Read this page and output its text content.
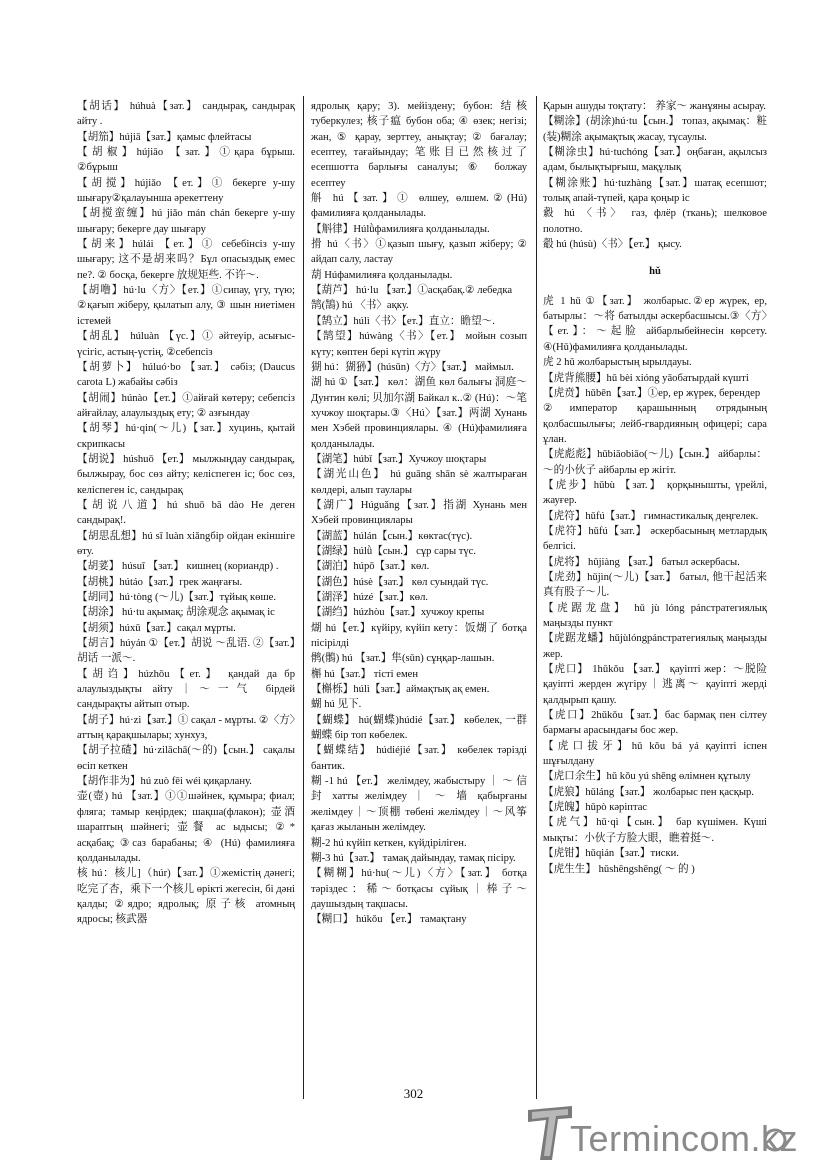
【胡话】 húhuà【зат.】 сандырақ, сандырақ айту .

【胡笳】hújiā【зат.】қамыс флейтасы

【胡椒】hújiāo 【зат.】①қара бұрыш. ②бұрыш

【胡搅】hújiǎo 【ет.】① бекерге у-шу шығару②қалауынша әрекеттену

【胡搅蛮缠】hú jiǎo mán chán бекерге у-шу шығару; бекерге дау шығару

【胡来】húlái 【ет.】① себебінсіз у-шу шығару; 这不是胡来吗？Бұл опасыздық емес пе?. ② босқа, бекерге 放规矩些. 不许～.

【胡噜】hú·lu〈方〉【ет.】①сипау, үгу, түю; ②қағып жіберу, қылатып алу, ③ шын ниетімен істемей

【胡乱】 húluàn 【үс.】① әйтеуір, асығыс-үсігіс, астың-үстің, ②себепсіз

【胡萝卜】 húluó·bo 【зат.】 сәбіз; (Daucus carota L) жабайы сәбіз

【胡闹】húnào【ет.】①айғай көтеру; себепсіз айғайлау, алаулыздық ету; ② азғындау

【胡琴】hú·qin(～儿)【зат.】хуцинь, қытай скрипкасы

【胡说】 húshuō 【ет.】 мылжыңдау сандырақ, былжырау, бос сөз айту; келіспеген іс; бос сөз, келіспеген іс, сандырақ

【胡说八道】hú shuō bā dào Не деген сандырақ!.

【胡思乱想】hú sī luàn xiǎngбір ойдан екіншіге өту.

【胡荽】 húsuī 【зат.】 кишнец (кориандр) .

【胡桃】hútáo【зат.】грек жаңғағы.

【胡同】hú·tòng (～儿)【зат.】тұйық көше.

【胡涂】 hú·tu ақымақ; 胡涂观念 ақымақ іс

【胡须】húxū【зат.】сақал мұрты.

【胡言】húyán ①【ет.】胡说 ～乱语. ②【зат.】胡话 一派～.

【胡诌】húzhōu【ет.】 қандай да бр алаулыздықты айту｜～一气 бірдей сандырақты айтып отыр.

【胡子】hú·zi【зат.】① сақал - мұрты. ②〈方〉аттың қарақшылары; хунхуз,

【胡子拉碴】hú·zilāchā(～的)【сын.】 сақалы өсіп кеткен

【胡作非为】hú zuò fēi wéi қиқарлану.

壶(壺) hú 【зат.】①①шәйнек, құмыра; фиал; фляга; тамыр кеңірдек; шақша(флакон); 壶酒 шараптың шәйнегі; 壶餐 ас ыдысы; ②* асқабақ; ③саз барабаны; ④ (Hú) фамилияға қолданылады.

核 hú：核儿]（húr)【зат.】①жемістің дәнегі; 吃完了杏，乘下一个核儿 өрікті жегесін, бі дәні қалды; ②ядро; ядролық; 原子核 атомның ядросы; 核武器

ядролық қару; 3). мейіздену; бубон: 结核 туберкулез; 核子瘟 бубон оба; ④ өзек; негізі; жан, ⑤ қарау, зерттеу, анықтау; ② бағалау; есептеу, тағайындау; 笔账目已然核过了 есепшотта барлығы саналуы; ⑥ болжау есептеу

斛 hú【зат.】① өлшеу, өлшем.②(Hú) фамилияға қолданылады.

【斛律】Húlǜфамилияға қолданылады.

搰 hú〈书〉①қазып шығу, қазып жіберу; ② айдап салу, ластау

葫 Húфамилияға қолданылады.

【葫芦】 hú·lu 【зат.】①асқабақ.② лебедка

鹄(鵠) hú 〈书〉ақку.

【鹄立】húlì〈书〉【ет.】直立：瞻望～.

【鹄望】húwàng〈书〉【ет.】 мойын созып күту; көптен бері күтіп жүру

猢 hú：猢狲】(húsūn)〈方〉【зат.】 маймыл.

湖 hú ①【зат.】 көл：湖鱼 көл балығы 洞庭～Дунтин көлі; 贝加尔湖 Байкал к..② (Hú)：～笔 хучжоу шоқтары.③〈Hú〉【зат.】两湖 Хунань мен Хэбей провинциялары. ④ (Hú)фамилияға қолданылады.

【湖笔】húbǐ【зат.】Хучжоу шоқтары

【湖光山色】 hú guāng shān sè жалтыраған көлдері, алып таулары

【湖广】Húguǎng【зат.】指湖 Хунань мен Хэбей провинциялары

【湖蓝】húlán【сын.】көктас(түс).

【湖绿】húlǜ【сын.】 сұр сары түс.

【湖泊】húpō【зат.】көл.

【湖色】húsè【зат.】 көл суындай түс.

【湖泽】húzé【зат.】көл.

【湖绉】húzhòu【зат.】хучжоу крепы

煳 hú【ет.】күйіру, күйіп кету：饭煳了 ботқа пісірілді

鹘(鶻) hú 【зат.】隼(sǔn) сұңқар-лашын.

槲 hú【зат.】 тісті емен

【槲栎】húlì【зат.】аймақтық ақ емен.

蝴 hú 见下.

【蝴蝶】 hú(蝴蝶)húdié【зат.】 көбелек, 一群蝴蝶 бір топ көбелек.

【蝴蝶结】 húdiéjié【зат.】 көбелек тәрізді бантик.

糊 -1 hú 【ет.】 желімдеу, жабыстыру ｜ ～ 信封 хатты желімдеу ｜ ～ 墙 қабырғаны желімдеу｜～顶棚 төбені желімдеу｜～风筝 қағаз жыланын желімдеу.

糊-2 hú күйіп кеткен, күйдіріліген.

糊-3 hú【зат.】 тамақ дайындау, тамақ пісіру.

【糊糊】hú·hu(～儿)〈方〉【зат.】 ботқа тәріздес：稀～ботқасы сұйық｜棒子～ даушыздың тақшасы.

【糊口】 húkǒu 【ет.】 тамақтану

Қарын ашуды тоқтату： 养家～ жанұяны асырау.

【糊涂】(胡涂)hú·tu【сын.】 топаз, ақымақ：粧(装)糊涂 ақымақтық жасау, тұсаулы.

【糊涂虫】hú·tuchóng【зат.】оңбаған, ақылсыз адам, былықтырғыш, мақұлық

【糊涂账】hú·tuzhàng【зат.】шатақ есепшот; толық апай-түпей, қара қоңыр іс

縠 hú 〈书〉 газ, флёр (ткань); шелковое полотно.

觳 hú (húsù)〈书〉【ет.】 қысу.

hǔ

虎 1 hǔ ①【зат.】 жолбарыс.②ер жүрек, ер, батырлы：～将 батылды әскербасшысы.③〈方〉【ет.】：～起脸 айбарлыбейнесін көрсету. ④(Hǔ)фамилияға қолданылады.

虎 2 hǔ жолбарыстың ырылдауы.

【虎背熊腰】hǔ bèi xióng yāoбатырдай күшті

【虎贲】hǔbēn【зат.】①ер, ер жүрек, берендер

②император қарашынның отрядының қолбасшылығы; лейб-гвардияның офицері; сара ұлан.

【虎彪彪】hǔbiāobiāo(～儿)【сын.】 айбарлы：～的小伙子 айбарлы ер жігіт.

【虎步】hǔbù 【зат.】 қорқынышты, үрейлі, жауғер.

【虎符】hǔfú【зат.】 гимнастикалық деңгелек.

【虎符】hǔfú【зат.】 әскербасының метлардық белгісі.

【虎将】 hǔjiàng 【зат.】 батыл әскербасы.

【虎劲】hǔjìn(～儿)【зат.】 батыл, 他干起活来真有股子～儿.

【虎踞龙盘】 hǔ jù lóng pánстратегиялық маңызды пункт

【虎踞龙蟠】hǔjùlóngpánстратегиялық маңызды жер.

【虎口】 1hǔkǒu 【зат.】 қауіпті жер：～脱险 қауіпті жерден жүгіру｜逃离～ қауіпті жерді қалдырып қашу.

【虎口】2hǔkǒu【зат.】бас бармақ пен сілтеу бармағы арасындағы бос жер.

【虎口拔牙】hǔ kǒu bá yá қауіпті іспен шұғылдану

【虎口余生】hǔ kǒu yú shēng өлімнен құтылу

【虎狼】hǔláng【зат.】 жолбарыс пен қасқыр.

【虎魄】hǔpò кәріптас

【虎气】hǔ·qì【сын.】 бар күшімен. Күші мықты：小伙子方脸大眼，瞧着挺～.

【虎钳】hǔqián【зат.】тиски.

【虎生生】 hǔshēngshēng( ～ 的 )

302
Termincom.kz
